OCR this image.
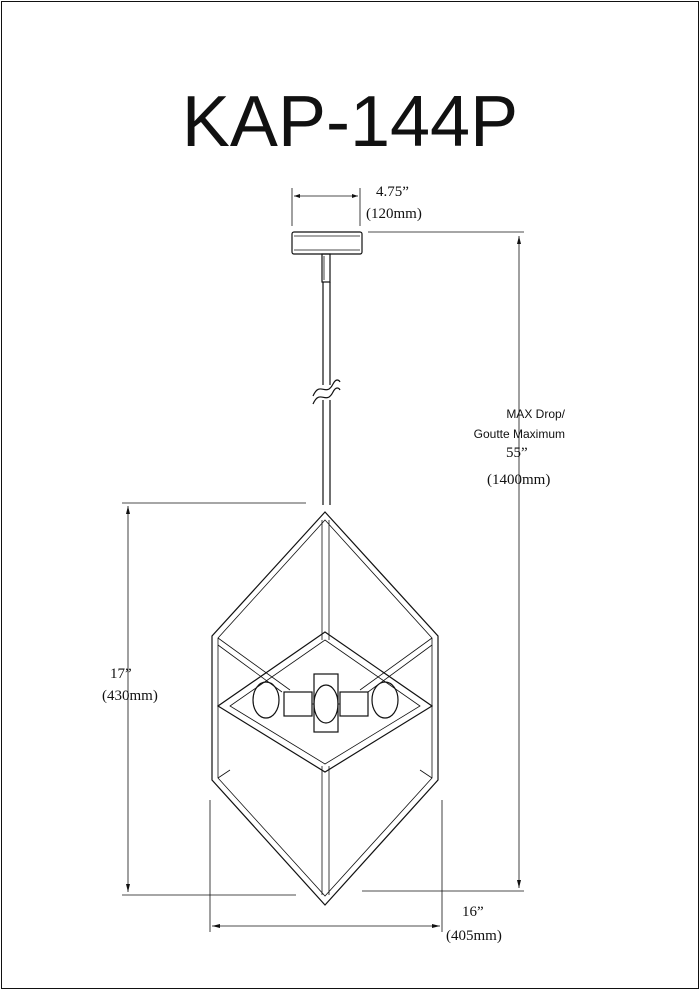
KAP-144P
4.75”
(120mm)
MAX Drop/
Goutte Maximum
55”
(1400mm)
17”
(430mm)
16”
(405mm)
